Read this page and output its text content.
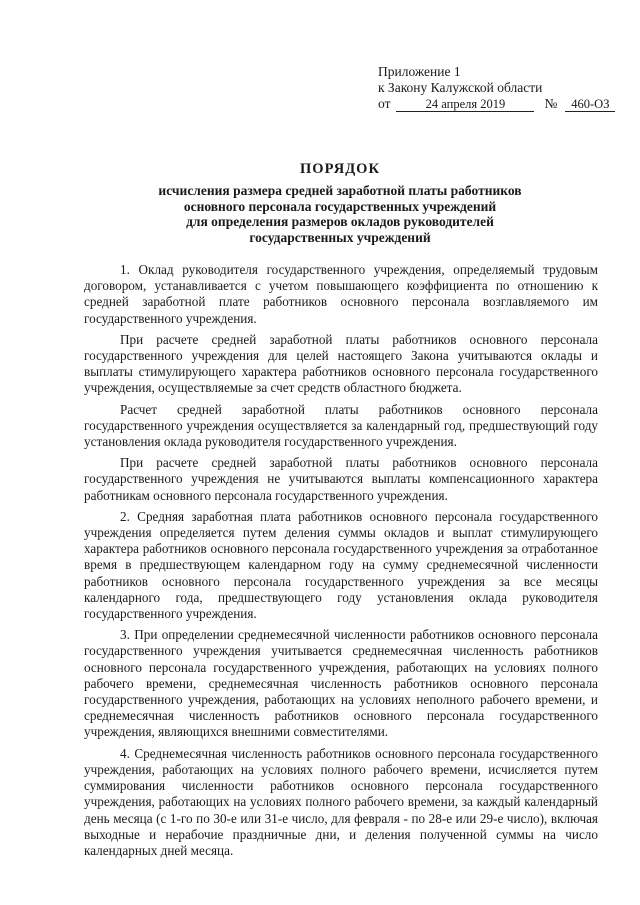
Приложение 1
к Закону Калужской области
от	24 апреля 2019	№ 460-ОЗ
ПОРЯДОК
исчисления размера средней заработной платы работников
основного персонала государственных учреждений
для определения размеров окладов руководителей
государственных учреждений

1. Оклад руководителя государственного учреждения, определяемый трудовым договором, устанавливается с учетом повышающего коэффициента по отношению к средней заработной плате работников основного персонала возглавляемого им государственного учреждения.

При расчете средней заработной платы работников основного персонала государственного учреждения для целей настоящего Закона учитываются оклады и выплаты стимулирующего характера работников основного персонала государственного учреждения, осуществляемые за счет средств областного бюджета.

Расчет средней заработной платы работников основного персонала государственного учреждения осуществляется за календарный год, предшествующий году установления оклада руководителя государственного учреждения.

При расчете средней заработной платы работников основного персонала государственного учреждения не учитываются выплаты компенсационного характера работникам основного персонала государственного учреждения.

2. Средняя заработная плата работников основного персонала государственного учреждения определяется путем деления суммы окладов и выплат стимулирующего характера работников основного персонала государственного учреждения за отработанное время в предшествующем календарном году на сумму среднемесячной численности работников основного персонала государственного учреждения за все месяцы календарного года, предшествующего году установления оклада руководителя государственного учреждения.

3. При определении среднемесячной численности работников основного персонала государственного учреждения учитывается среднемесячная численность работников основного персонала государственного учреждения, работающих на условиях полного рабочего времени, среднемесячная численность работников основного персонала государственного учреждения, работающих на условиях неполного рабочего времени, и среднемесячная численность работников основного персонала государственного учреждения, являющихся внешними совместителями.

4. Среднемесячная численность работников основного персонала государственного учреждения, работающих на условиях полного рабочего времени, исчисляется путем суммирования численности работников основного персонала государственного учреждения, работающих на условиях полного рабочего времени, за каждый календарный день месяца (с 1-го по 30-е или 31-е число, для февраля - по 28-е или 29-е число), включая выходные и нерабочие праздничные дни, и деления полученной суммы на число календарных дней месяца.
